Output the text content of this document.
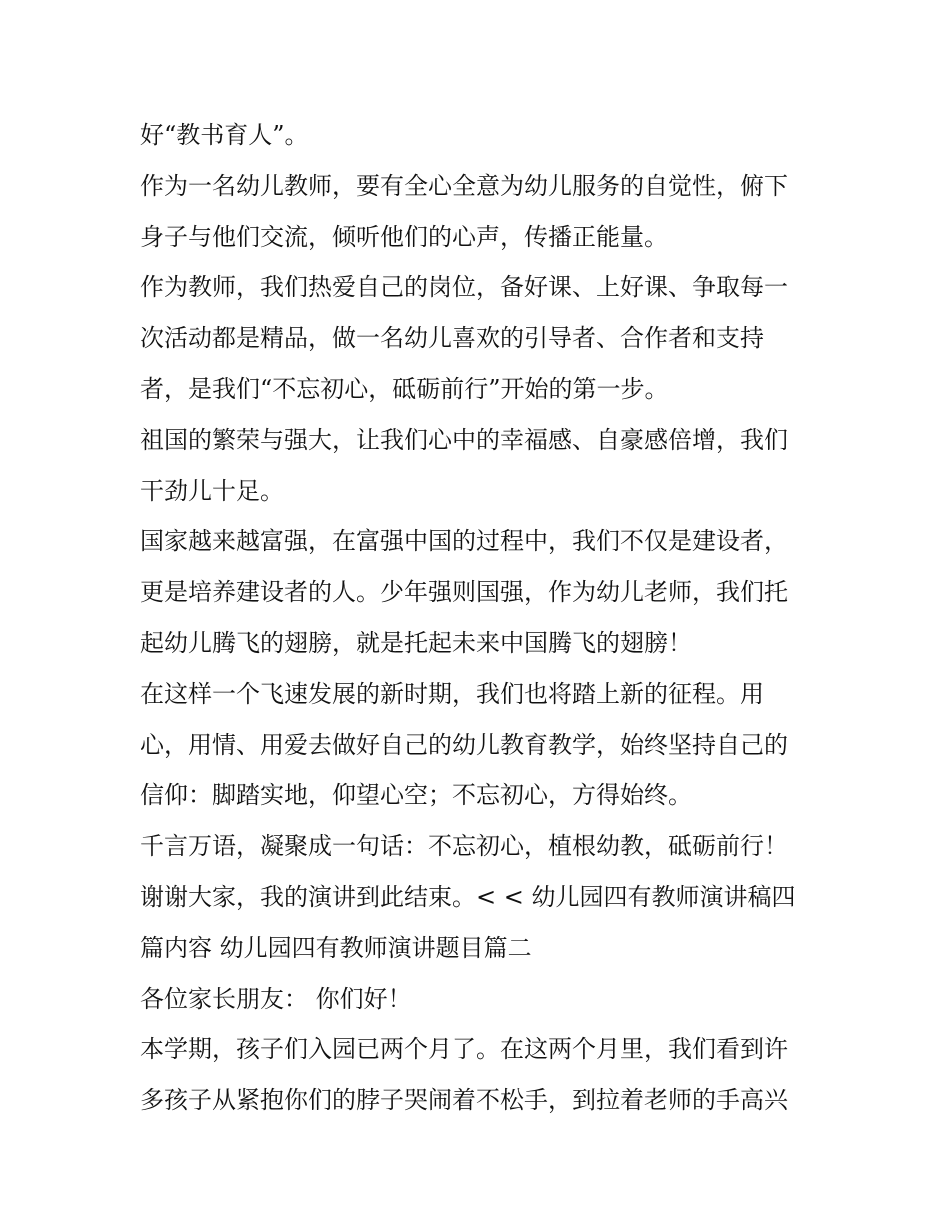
好“教书育人”。
作为一名幼儿教师，要有全心全意为幼儿服务的自觉性，俯下
身子与他们交流，倾听他们的心声，传播正能量。
作为教师，我们热爱自己的岗位，备好课、上好课、争取每一
次活动都是精品，做一名幼儿喜欢的引导者、合作者和支持
者，是我们“不忘初心，砥砺前行”开始的第一步。
祖国的繁荣与强大，让我们心中的幸福感、自豪感倍增，我们
干劲儿十足。
国家越来越富强，在富强中国的过程中，我们不仅是建设者，
更是培养建设者的人。少年强则国强，作为幼儿老师，我们托
起幼儿腾飞的翅膀，就是托起未来中国腾飞的翅膀！
在这样一个飞速发展的新时期，我们也将踏上新的征程。用
心，用情、用爱去做好自己的幼儿教育教学，始终坚持自己的
信仰：脚踏实地，仰望心空；不忘初心，方得始终。
千言万语，凝聚成一句话：不忘初心，植根幼教，砥砺前行！
谢谢大家，我的演讲到此结束。< < 幼儿园四有教师演讲稿四
篇内容 幼儿园四有教师演讲题目篇二
各位家长朋友： 你们好！
本学期，孩子们入园已两个月了。在这两个月里，我们看到许
多孩子从紧抱你们的脖子哭闹着不松手，到拉着老师的手高兴
